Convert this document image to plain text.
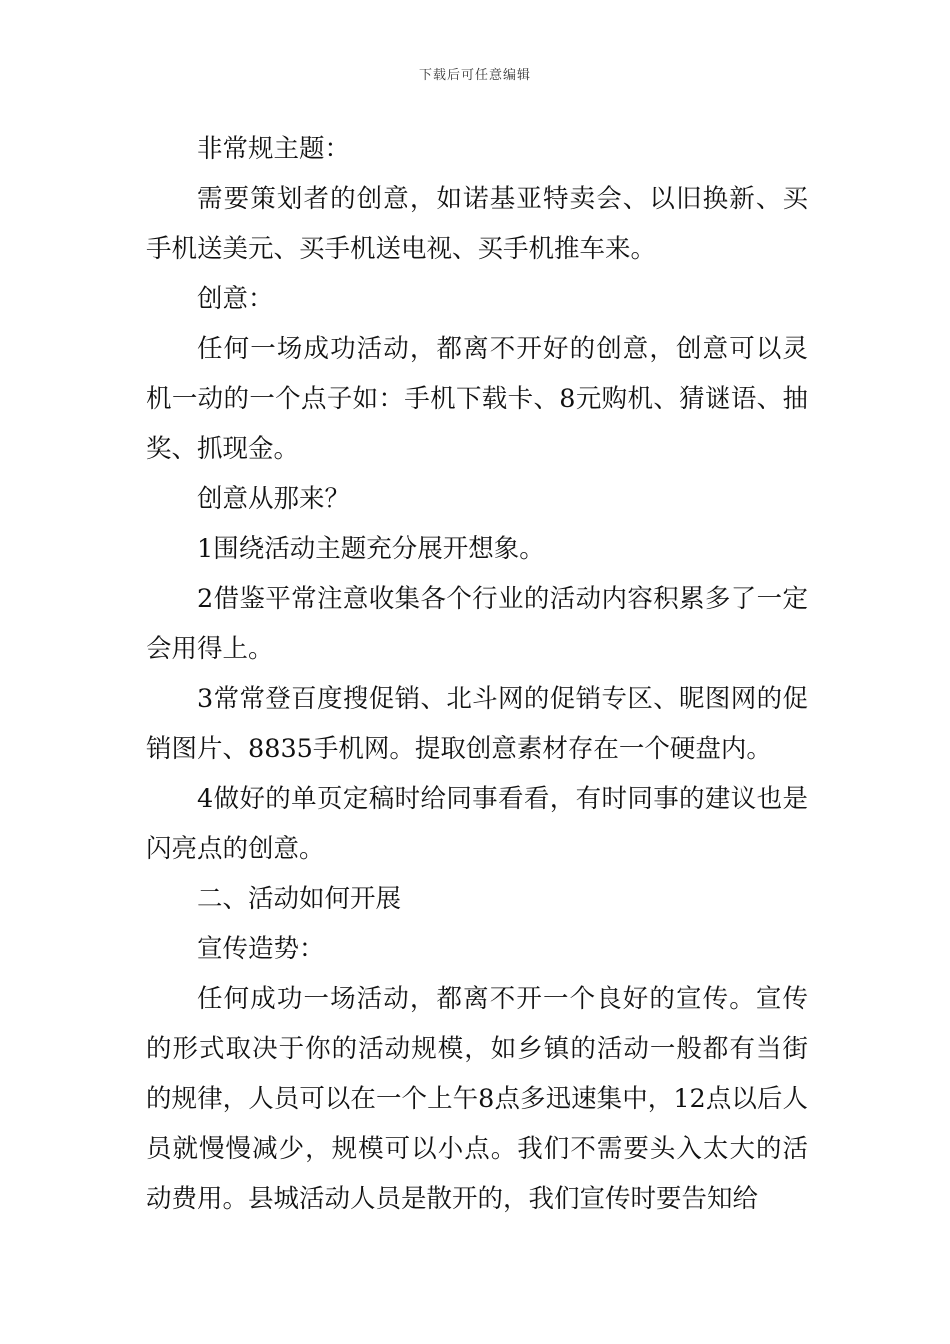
下载后可任意编辑

非常规主题：

需要策划者的创意，如诺基亚特卖会、以旧换新、买手机送美元、买手机送电视、买手机推车来。

创意：

任何一场成功活动，都离不开好的创意，创意可以灵机一动的一个点子如：手机下载卡、8元购机、猜谜语、抽奖、抓现金。

创意从那来？

1围绕活动主题充分展开想象。

2借鉴平常注意收集各个行业的活动内容积累多了一定会用得上。

3常常登百度搜促销、北斗网的促销专区、昵图网的促销图片、8835手机网。提取创意素材存在一个硬盘内。

4做好的单页定稿时给同事看看，有时同事的建议也是闪亮点的创意。

二、活动如何开展

宣传造势：

任何成功一场活动，都离不开一个良好的宣传。宣传的形式取决于你的活动规模，如乡镇的活动一般都有当街的规律，人员可以在一个上午8点多迅速集中，12点以后人员就慢慢减少，规模可以小点。我们不需要头入太大的活动费用。县城活动人员是散开的，我们宣传时要告知给
